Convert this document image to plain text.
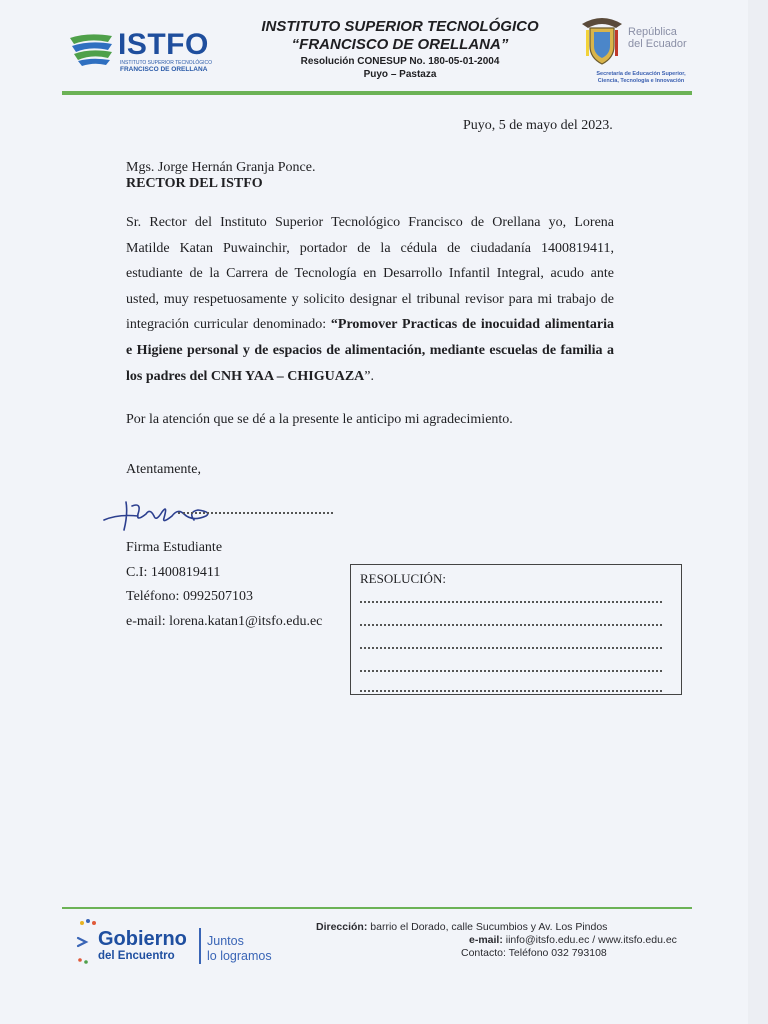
ISTFO
INSTITUTO SUPERIOR TECNOLÓGICO
FRANCISCO DE ORELLANA
INSTITUTO SUPERIOR TECNOLÓGICO
“FRANCISCO DE ORELLANA”
Resolución CONESUP No. 180-05-01-2004
Puyo – Pastaza
República
del Ecuador
Secretaría de Educación Superior,
Ciencia, Tecnología e Innovación
Puyo, 5 de mayo del 2023.
Mgs. Jorge Hernán Granja Ponce.
RECTOR DEL ISTFO
Sr. Rector del Instituto Superior Tecnológico Francisco de Orellana yo, Lorena Matilde Katan Puwainchir, portador de la cédula de ciudadanía 1400819411, estudiante de la Carrera de Tecnología en Desarrollo Infantil Integral, acudo ante usted, muy respetuosamente y solicito designar el tribunal revisor para mi trabajo de integración curricular denominado: “Promover Practicas de inocuidad alimentaria e Higiene personal y de espacios de alimentación, mediante escuelas de familia a los padres del CNH YAA – CHIGUAZA”.
Por la atención que se dé a la presente le anticipo mi agradecimiento.
Atentamente,
Firma Estudiante
C.I: 1400819411
Teléfono: 0992507103
e-mail: lorena.katan1@itsfo.edu.ec
RESOLUCIÓN:
Gobierno
del Encuentro
Juntos
lo logramos
Dirección: barrio el Dorado, calle Sucumbios y Av. Los Pindos
e-mail: iinfo@itsfo.edu.ec / www.itsfo.edu.ec
Contacto: Teléfono 032 793108
